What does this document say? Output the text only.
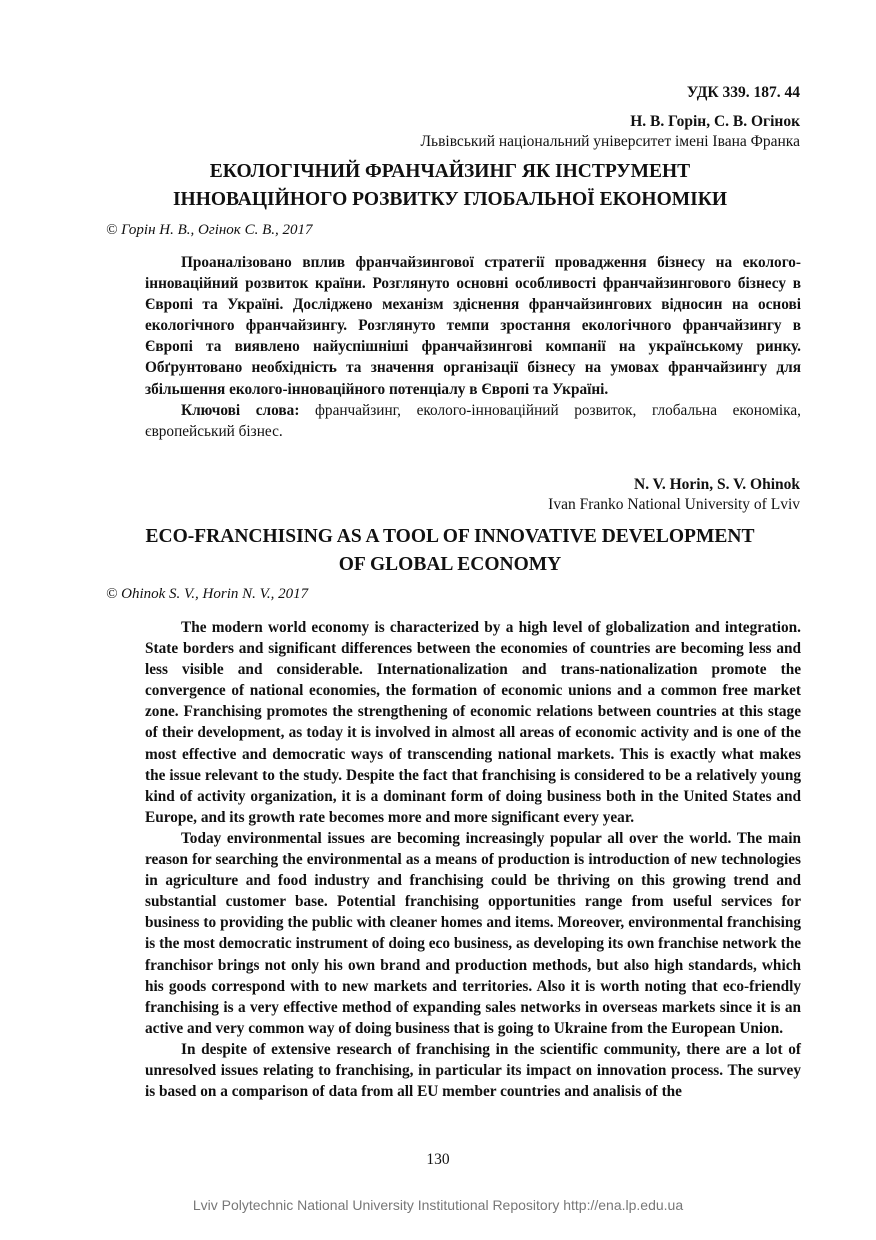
УДК 339. 187. 44
Н. В. Горін, С. В. Огінок
Львівський національний університет імені Івана Франка
ЕКОЛОГІЧНИЙ ФРАНЧАЙЗИНГ ЯК ІНСТРУМЕНТ
ІННОВАЦІЙНОГО РОЗВИТКУ ГЛОБАЛЬНОЇ ЕКОНОМІКИ
© Горін Н. В., Огінок С. В., 2017

Проаналізовано вплив франчайзингової стратегії провадження бізнесу на еколого-інноваційний розвиток країни. Розглянуто основні особливості франчайзингового бізнесу в Європі та Україні. Досліджено механізм здіснення франчайзингових відносин на основі екологічного франчайзингу. Розглянуто темпи зростання екологічного франчайзингу в Європі та виявлено найуспішніші франчайзингові компанії на українському ринку. Обґрунтовано необхідність та значення організації бізнесу на умовах франчайзингу для збільшення еколого-інноваційного потенціалу в Європі та Україні.

Ключові слова: франчайзинг, еколого-інноваційний розвиток, глобальна економіка, європейський бізнес.

N. V. Horin, S. V. Ohinok
Ivan Franko National University of Lviv
ECO-FRANCHISING AS A TOOL OF INNOVATIVE DEVELOPMENT
OF GLOBAL ECONOMY
© Ohinok S. V., Horin N. V., 2017

The modern world economy is characterized by a high level of globalization and integration. State borders and significant differences between the economies of countries are becoming less and less visible and considerable. Internationalization and trans-nationalization promote the convergence of national economies, the formation of economic unions and a common free market zone. Franchising promotes the strengthening of economic relations between countries at this stage of their development, as today it is involved in almost all areas of economic activity and is one of the most effective and democratic ways of transcending national markets. This is exactly what makes the issue relevant to the study. Despite the fact that franchising is considered to be a relatively young kind of activity organization, it is a dominant form of doing business both in the United States and Europe, and its growth rate becomes more and more significant every year.

Today environmental issues are becoming increasingly popular all over the world. The main reason for searching the environmental as a means of production is introduction of new technologies in agriculture and food industry and franchising could be thriving on this growing trend and substantial customer base. Potential franchising opportunities range from useful services for business to providing the public with cleaner homes and items. Moreover, environmental franchising is the most democratic instrument of doing eco business, as developing its own franchise network the franchisor brings not only his own brand and production methods, but also high standards, which his goods correspond with to new markets and territories. Also it is worth noting that eco-friendly franchising is a very effective method of expanding sales networks in overseas markets since it is an active and very common way of doing business that is going to Ukraine from the European Union.

In despite of extensive research of franchising in the scientific community, there are a lot of unresolved issues relating to franchising, in particular its impact on innovation process. The survey is based on a comparison of data from all EU member countries and analisis of the

130
Lviv Polytechnic National University Institutional Repository http://ena.lp.edu.ua
